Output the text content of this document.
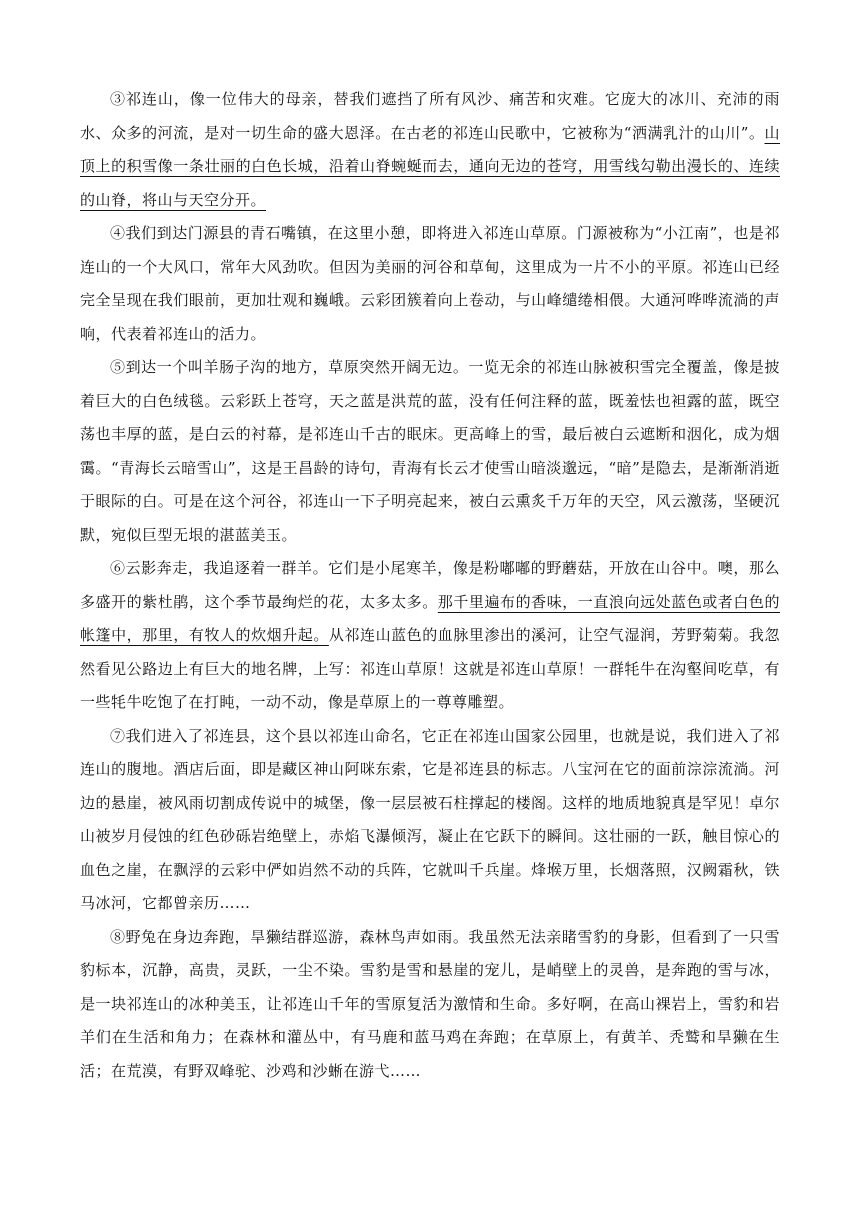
③祁连山，像一位伟大的母亲，替我们遮挡了所有风沙、痛苦和灾难。它庞大的冰川、充沛的雨水、众多的河流，是对一切生命的盛大恩泽。在古老的祁连山民歌中，它被称为“洒满乳汁的山川”。山顶上的积雪像一条壮丽的白色长城，沿着山脊蜿蜒而去，通向无边的苍穹，用雪线勾勒出漫长的、连续的山脊，将山与天空分开。

④我们到达门源县的青石嘴镇，在这里小憩，即将进入祁连山草原。门源被称为“小江南”，也是祁连山的一个大风口，常年大风劲吹。但因为美丽的河谷和草甸，这里成为一片不小的平原。祁连山已经完全呈现在我们眼前，更加壮观和巍峨。云彩团簇着向上卷动，与山峰缱绻相偎。大通河哗哗流淌的声响，代表着祁连山的活力。

⑤到达一个叫羊肠子沟的地方，草原突然开阔无边。一览无余的祁连山脉被积雪完全覆盖，像是披着巨大的白色绒毯。云彩跃上苍穹，天之蓝是洪荒的蓝，没有任何注释的蓝，既羞怯也袒露的蓝，既空荡也丰厚的蓝，是白云的衬幕，是祁连山千古的眠床。更高峰上的雪，最后被白云遮断和洇化，成为烟霭。“青海长云暗雪山”，这是王昌龄的诗句，青海有长云才使雪山暗淡邈远，“暗”是隐去，是渐渐消逝于眼际的白。可是在这个河谷，祁连山一下子明亮起来，被白云熏炙千万年的天空，风云激荡，坚硬沉默，宛似巨型无垠的湛蓝美玉。

⑥云影奔走，我追逐着一群羊。它们是小尾寒羊，像是粉嘟嘟的野蘑菇，开放在山谷中。噢，那么多盛开的紫杜鹃，这个季节最绚烂的花，太多太多。那千里遍布的香味，一直浪向远处蓝色或者白色的帐篷中，那里，有牧人的炊烟升起。从祁连山蓝色的血脉里渗出的溪河，让空气湿润，芳野菊菊。我忽然看见公路边上有巨大的地名牌，上写：祁连山草原！这就是祁连山草原！一群牦牛在沟壑间吃草，有一些牦牛吃饱了在打盹，一动不动，像是草原上的一尊尊雕塑。

⑦我们进入了祁连县，这个县以祁连山命名，它正在祁连山国家公园里，也就是说，我们进入了祁连山的腹地。酒店后面，即是藏区神山阿咪东索，它是祁连县的标志。八宝河在它的面前淙淙流淌。河边的悬崖，被风雨切割成传说中的城堡，像一层层被石柱撑起的楼阁。这样的地质地貌真是罕见！卓尔山被岁月侵蚀的红色砂砾岩绝壁上，赤焰飞瀑倾泻，凝止在它跃下的瞬间。这壮丽的一跃，触目惊心的血色之崖，在飘浮的云彩中俨如岿然不动的兵阵，它就叫千兵崖。烽堠万里，长烟落照，汉阙霜秋，铁马冰河，它都曾亲历……

⑧野兔在身边奔跑，旱獭结群巡游，森林鸟声如雨。我虽然无法亲睹雪豹的身影，但看到了一只雪豹标本，沉静，高贵，灵跃，一尘不染。雪豹是雪和悬崖的宠儿，是峭壁上的灵兽，是奔跑的雪与冰，是一块祁连山的冰种美玉，让祁连山千年的雪原复活为激情和生命。多好啊，在高山裸岩上，雪豹和岩羊们在生活和角力；在森林和灌丛中，有马鹿和蓝马鸡在奔跑；在草原上，有黄羊、秃鹫和旱獭在生活；在荒漠，有野双峰驼、沙鸡和沙蜥在游弋……
